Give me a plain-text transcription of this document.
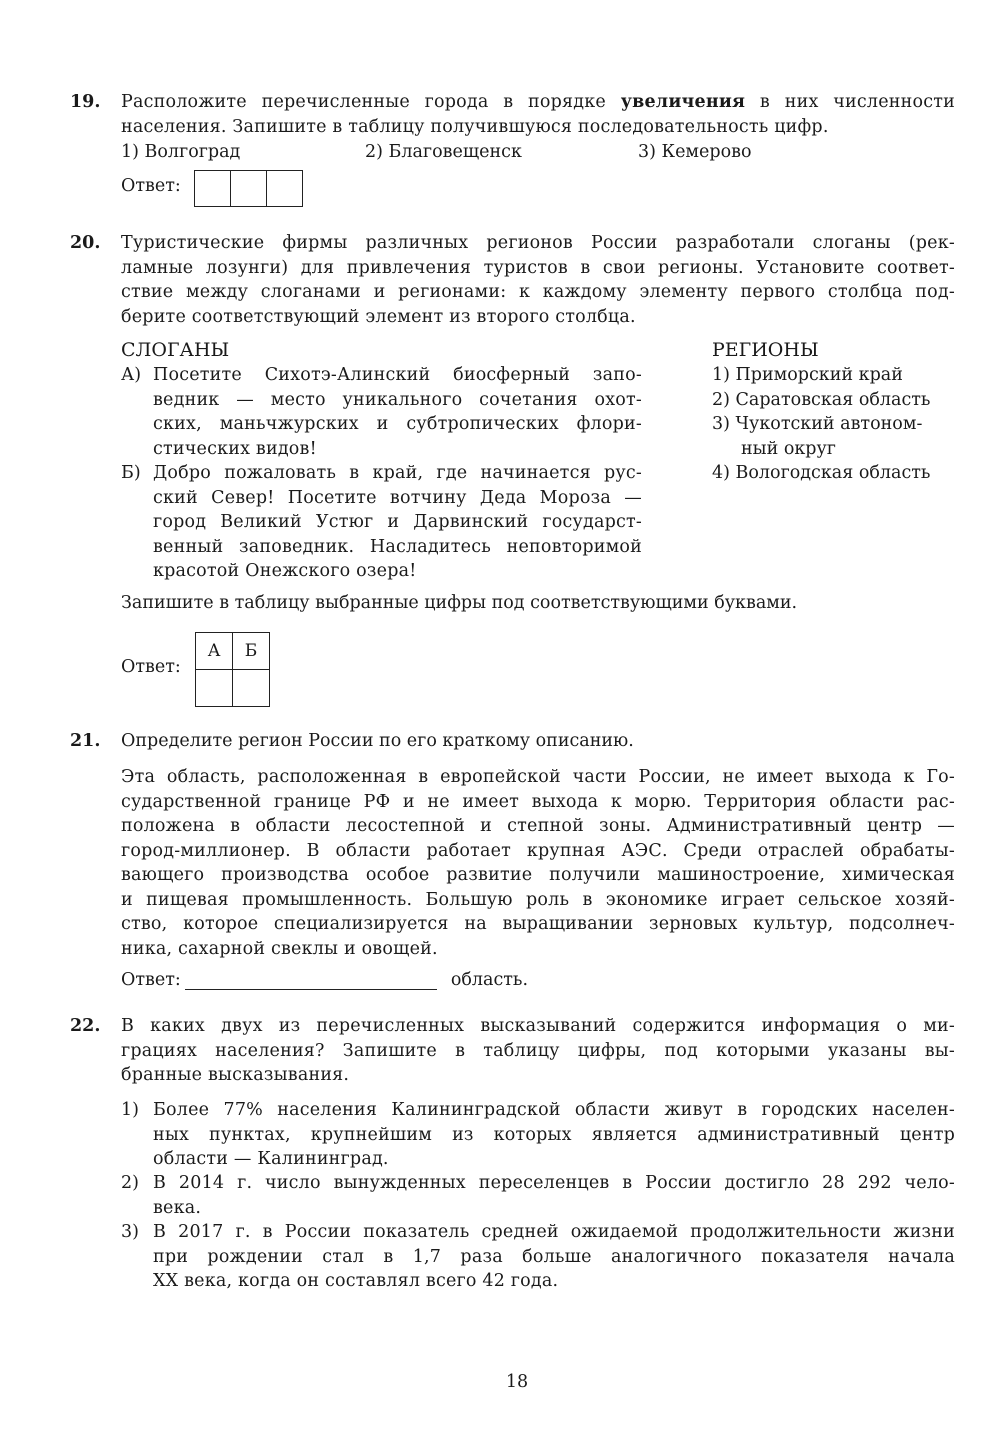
19. Расположите перечисленные города в порядке увеличения в них численности
населения. Запишите в таблицу получившуюся последовательность цифр.
1) Волгоград	2) Благовещенск	3) Кемерово
Ответ:
20. Туристические фирмы различных регионов России разработали слоганы (рек-
ламные лозунги) для привлечения туристов в свои регионы. Установите соответ-
ствие между слоганами и регионами: к каждому элементу первого столбца под-
берите соответствующий элемент из второго столбца.
СЛОГАНЫ	РЕГИОНЫ
А) Посетите Сихотэ-Алинский биосферный запо-
ведник — место уникального сочетания охот-
ских, маньчжурских и субтропических флори-
стических видов!
Б) Добро пожаловать в край, где начинается рус-
ский Север! Посетите вотчину Деда Мороза —
город Великий Устюг и Дарвинский государст-
венный заповедник. Насладитесь неповторимой
красотой Онежского озера!
1) Приморский край
2) Саратовская область
3) Чукотский автоном-
ный округ
4) Вологодская область
Запишите в таблицу выбранные цифры под соответствующими буквами.
Ответ:
А	Б

21. Определите регион России по его краткому описанию.
Эта область, расположенная в европейской части России, не имеет выхода к Го-
сударственной границе РФ и не имеет выхода к морю. Территория области рас-
положена в области лесостепной и степной зоны. Административный центр —
город-миллионер. В области работает крупная АЭС. Среди отраслей обрабаты-
вающего производства особое развитие получили машиностроение, химическая
и пищевая промышленность. Большую роль в экономике играет сельское хозяй-
ство, которое специализируется на выращивании зерновых культур, подсолнеч-
ника, сахарной свеклы и овощей.
Ответ:	область.
22. В каких двух из перечисленных высказываний содержится информация о ми-
грациях населения? Запишите в таблицу цифры, под которыми указаны вы-
бранные высказывания.
1) Более 77% населения Калининградской области живут в городских населен-
ных пунктах, крупнейшим из которых является административный центр
области — Калининград.
2) В 2014 г. число вынужденных переселенцев в России достигло 28 292 чело-
века.
3) В 2017 г. в России показатель средней ожидаемой продолжительности жизни
при рождении стал в 1,7 раза больше аналогичного показателя начала
XX века, когда он составлял всего 42 года.
18
